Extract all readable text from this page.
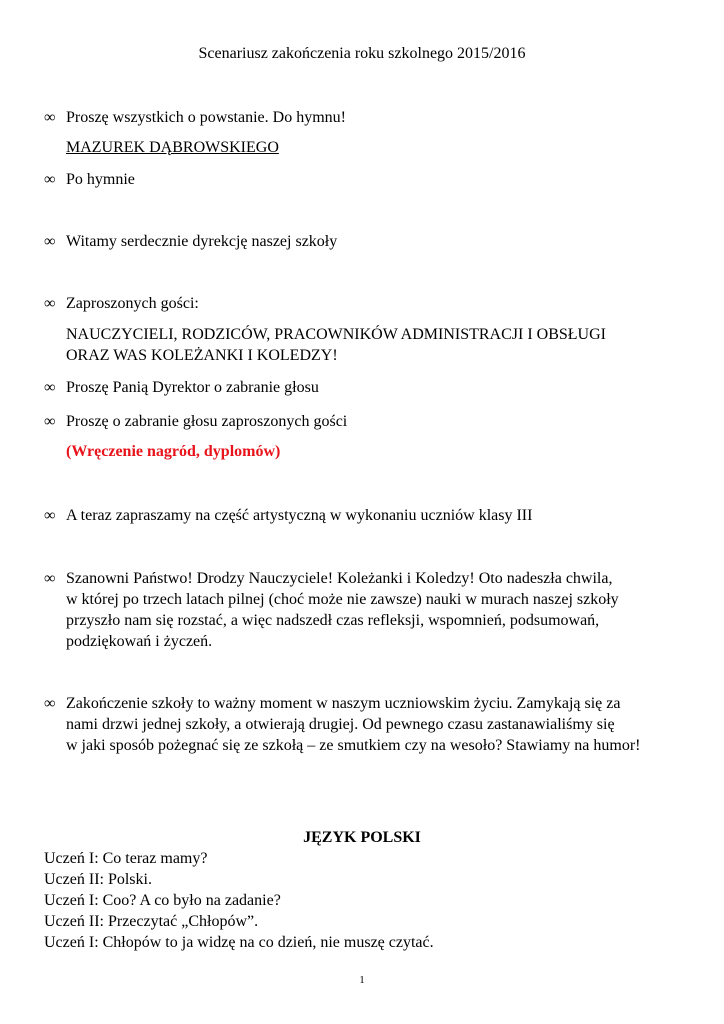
Scenariusz zakończenia roku szkolnego 2015/2016
∞ Proszę wszystkich o powstanie. Do hymnu!
MAZUREK DĄBROWSKIEGO
∞ Po hymnie
∞ Witamy serdecznie dyrekcję naszej szkoły
∞ Zaproszonych gości:
NAUCZYCIELI, RODZICÓW, PRACOWNIKÓW ADMINISTRACJI I OBSŁUGI
ORAZ WAS KOLEŻANKI I KOLEDZY!
∞ Proszę Panią Dyrektor o zabranie głosu
∞ Proszę o zabranie głosu zaproszonych gości
(Wręczenie nagród, dyplomów)
∞ A teraz zapraszamy na część artystyczną w wykonaniu uczniów klasy III
∞ Szanowni Państwo! Drodzy Nauczyciele! Koleżanki i Koledzy! Oto nadeszła chwila,
w której po trzech latach pilnej (choć może nie zawsze) nauki w murach naszej szkoły
przyszło nam się rozstać, a więc nadszedł czas refleksji, wspomnień, podsumowań,
podziękowań i życzeń.
∞ Zakończenie szkoły to ważny moment w naszym uczniowskim życiu. Zamykają się za
nami drzwi jednej szkoły, a otwierają drugiej. Od pewnego czasu zastanawialiśmy się
w jaki sposób pożegnać się ze szkołą – ze smutkiem czy na wesoło? Stawiamy na humor!
JĘZYK POLSKI
Uczeń I: Co teraz mamy?
Uczeń II: Polski.
Uczeń I: Coo? A co było na zadanie?
Uczeń II: Przeczytać „Chłopów”.
Uczeń I: Chłopów to ja widzę na co dzień, nie muszę czytać.
1
